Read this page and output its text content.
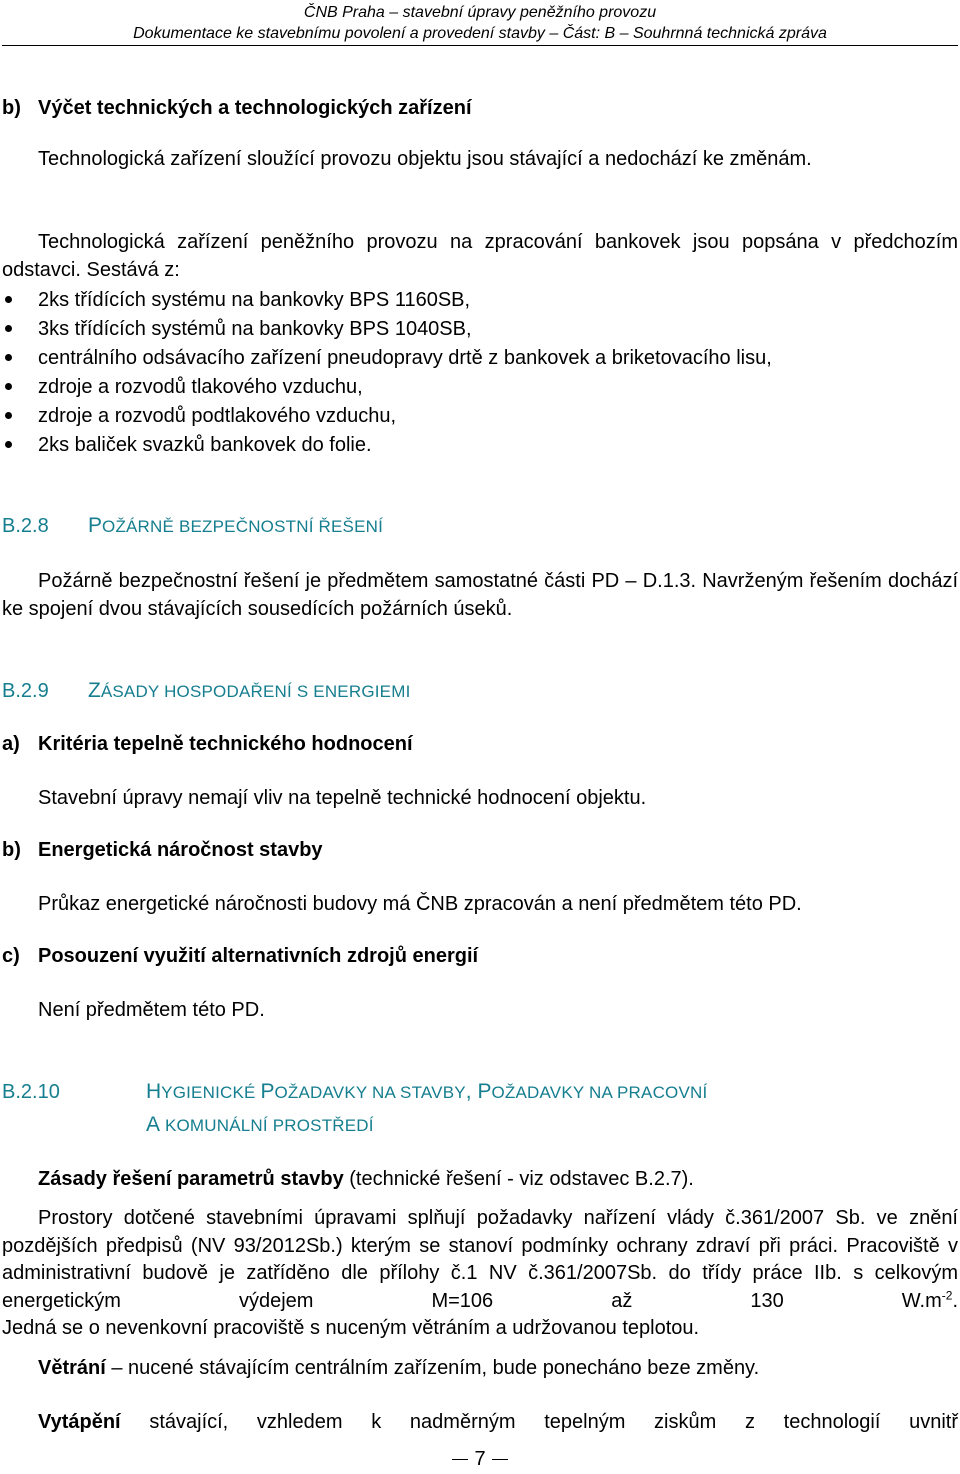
ČNB Praha – stavební úpravy peněžního provozu
Dokumentace ke stavebnímu povolení a provedení stavby – Část: B – Souhrnná technická zpráva
b) Výčet technických a technologických zařízení
Technologická zařízení sloužící provozu objektu jsou stávající a nedochází ke změnám.
Technologická zařízení peněžního provozu na zpracování bankovek jsou popsána v předchozím odstavci. Sestává z:
2ks třídících systému na bankovky BPS 1160SB,
3ks třídících systémů na bankovky BPS 1040SB,
centrálního odsávacího zařízení pneudopravy drtě z bankovek a briketovacího lisu,
zdroje a rozvodů tlakového vzduchu,
zdroje a rozvodů podtlakového vzduchu,
2ks baliček svazků bankovek do folie.
B.2.8 POŽÁRNĚ BEZPEČNOSTNÍ ŘEŠENÍ
Požárně bezpečnostní řešení je předmětem samostatné části PD – D.1.3. Navrženým řešením dochází ke spojení dvou stávajících sousedících požárních úseků.
B.2.9 ZÁSADY HOSPODAŘENÍ S ENERGIEMI
a) Kritéria tepelně technického hodnocení
Stavební úpravy nemají vliv na tepelně technické hodnocení objektu.
b) Energetická náročnost stavby
Průkaz energetické náročnosti budovy má ČNB zpracován a není předmětem této PD.
c) Posouzení využití alternativních zdrojů energií
Není předmětem této PD.
B.2.10	HYGIENICKÉ POŽADAVKY NA STAVBY, POŽADAVKY NA PRACOVNÍ
A KOMUNÁLNÍ PROSTŘEDÍ
Zásady řešení parametrů stavby (technické řešení - viz odstavec B.2.7).
Prostory dotčené stavebními úpravami splňují požadavky nařízení vlády č.361/2007 Sb. ve znění pozdějších předpisů (NV 93/2012Sb.) kterým se stanoví podmínky ochrany zdraví při práci. Pracoviště v administrativní budově je zatříděno dle přílohy č.1 NV č.361/2007Sb. do třídy práce IIb. s celkovým energetickým výdejem M=106 až 130 $W.m^{-2}$.
Jedná se o nevenkovní pracoviště s nuceným větráním a udržovanou teplotou.
Větrání – nucené stávajícím centrálním zařízením, bude ponecháno beze změny.
Vytápění stávající, vzhledem k nadměrným tepelným ziskům z technologií uvnitř
7
